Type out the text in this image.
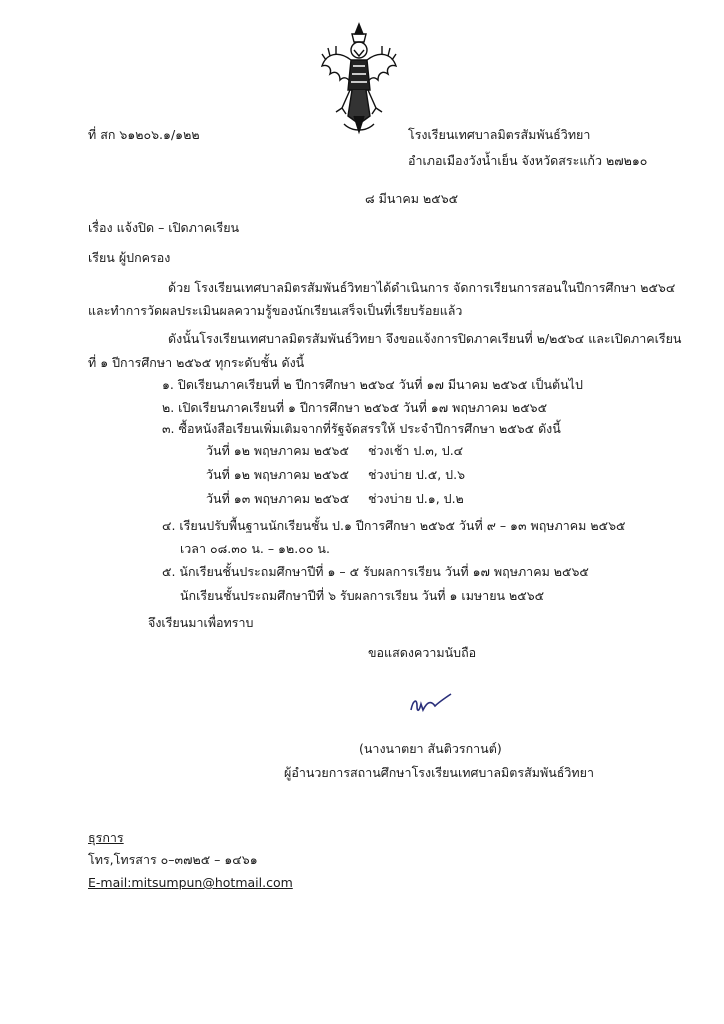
ที่ สก ๖๑๒๐๖.๑/๑๒๒	โรงเรียนเทศบาลมิตรสัมพันธ์วิทยา
อำเภอเมืองวังน้ำเย็น จังหวัดสระแก้ว ๒๗๒๑๐
๘ มีนาคม ๒๕๖๕
เรื่อง แจ้งปิด – เปิดภาคเรียน
เรียน ผู้ปกครอง
ด้วย โรงเรียนเทศบาลมิตรสัมพันธ์วิทยาได้ดำเนินการ จัดการเรียนการสอนในปีการศึกษา ๒๕๖๔
และทำการวัดผลประเมินผลความรู้ของนักเรียนเสร็จเป็นที่เรียบร้อยแล้ว
ดังนั้นโรงเรียนเทศบาลมิตรสัมพันธ์วิทยา จึงขอแจ้งการปิดภาคเรียนที่ ๒/๒๕๖๔ และเปิดภาคเรียน
ที่ ๑ ปีการศึกษา ๒๕๖๕ ทุกระดับชั้น ดังนี้
๑. ปิดเรียนภาคเรียนที่ ๒ ปีการศึกษา ๒๕๖๔ วันที่ ๑๗ มีนาคม ๒๕๖๕ เป็นต้นไป
๒. เปิดเรียนภาคเรียนที่ ๑ ปีการศึกษา ๒๕๖๕ วันที่ ๑๗ พฤษภาคม ๒๕๖๕
๓. ซื้อหนังสือเรียนเพิ่มเติมจากที่รัฐจัดสรรให้ ประจำปีการศึกษา ๒๕๖๕ ดังนี้
วันที่ ๑๒ พฤษภาคม ๒๕๖๕ ช่วงเช้า ป.๓, ป.๔
วันที่ ๑๒ พฤษภาคม ๒๕๖๕ ช่วงบ่าย ป.๕, ป.๖
วันที่ ๑๓ พฤษภาคม ๒๕๖๕ ช่วงบ่าย ป.๑, ป.๒
๔. เรียนปรับพื้นฐานนักเรียนชั้น ป.๑ ปีการศึกษา ๒๕๖๕ วันที่ ๙ – ๑๓ พฤษภาคม ๒๕๖๕
เวลา ๐๘.๓๐ น. – ๑๒.๐๐ น.
๕. นักเรียนชั้นประถมศึกษาปีที่ ๑ – ๕ รับผลการเรียน วันที่ ๑๗ พฤษภาคม ๒๕๖๕
นักเรียนชั้นประถมศึกษาปีที่ ๖ รับผลการเรียน วันที่ ๑ เมษายน ๒๕๖๕
จึงเรียนมาเพื่อทราบ
ขอแสดงความนับถือ
(นางนาตยา สันติวรกานต์)
ผู้อำนวยการสถานศึกษาโรงเรียนเทศบาลมิตรสัมพันธ์วิทยา
ธุรการ
โทร,โทรสาร ๐–๓๗๒๕ – ๑๔๖๑
E-mail:mitsumpun@hotmail.com
